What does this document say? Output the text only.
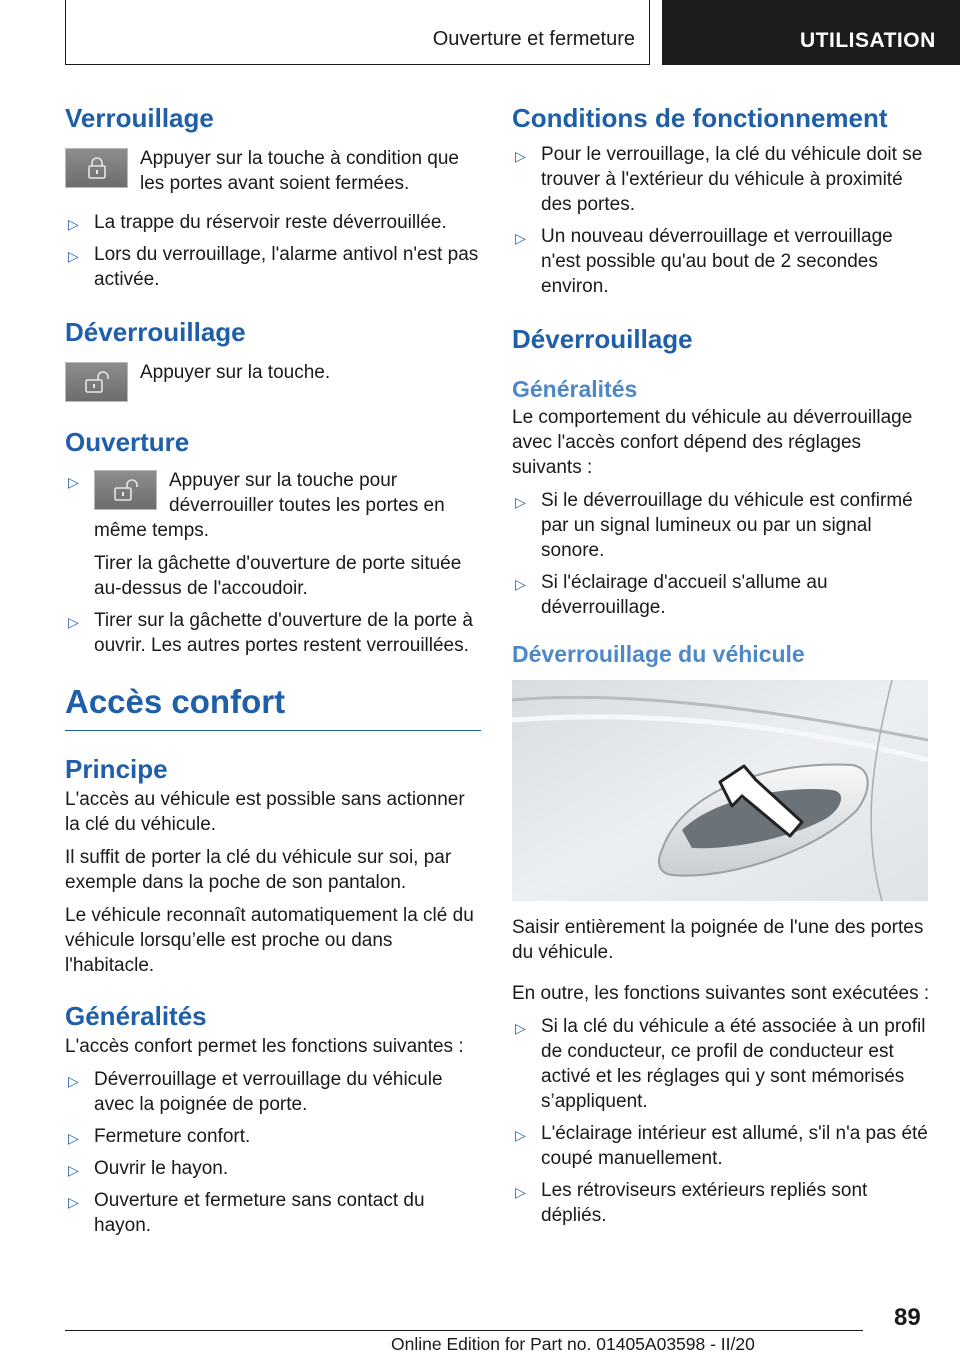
Ouverture et fermeture	UTILISATION
Verrouillage

Appuyer sur la touche à condition que les portes avant soient fermées.

▷ La trappe du réservoir reste déverrouillée.
▷ Lors du verrouillage, l'alarme antivol n'est pas activée.
Déverrouillage

Appuyer sur la touche.

Ouverture
▷	Appuyer sur la touche pour déverrouiller toutes les portes en même temps.

Tirer la gâchette d'ouverture de porte située au-dessus de l'accoudoir.

▷ Tirer sur la gâchette d'ouverture de la porte à ouvrir. Les autres portes restent verrouillées.
Accès confort
Principe

L'accès au véhicule est possible sans actionner la clé du véhicule.

Il suffit de porter la clé du véhicule sur soi, par exemple dans la poche de son pantalon.

Le véhicule reconnaît automatiquement la clé du véhicule lorsqu’elle est proche ou dans l'habitacle.

Généralités

L'accès confort permet les fonctions suivantes :

▷ Déverrouillage et verrouillage du véhicule avec la poignée de porte.
▷ Fermeture confort.
▷ Ouvrir le hayon.
▷ Ouverture et fermeture sans contact du hayon.
Conditions de fonctionnement
▷ Pour le verrouillage, la clé du véhicule doit se trouver à l'extérieur du véhicule à proximité des portes.
▷ Un nouveau déverrouillage et verrouillage n'est possible qu'au bout de 2 secondes environ.
Déverrouillage
Généralités

Le comportement du véhicule au déverrouillage avec l'accès confort dépend des réglages suivants :

▷ Si le déverrouillage du véhicule est confirmé par un signal lumineux ou par un signal sonore.
▷ Si l'éclairage d'accueil s'allume au déverrouillage.
Déverrouillage du véhicule

Saisir entièrement la poignée de l'une des portes du véhicule.

En outre, les fonctions suivantes sont exécutées :

▷ Si la clé du véhicule a été associée à un profil de conducteur, ce profil de conducteur est activé et les réglages qui y sont mémorisés s’appliquent.
▷ L'éclairage intérieur est allumé, s'il n'a pas été coupé manuellement.
▷ Les rétroviseurs extérieurs repliés sont dépliés.
89
Online Edition for Part no. 01405A03598 - II/20
